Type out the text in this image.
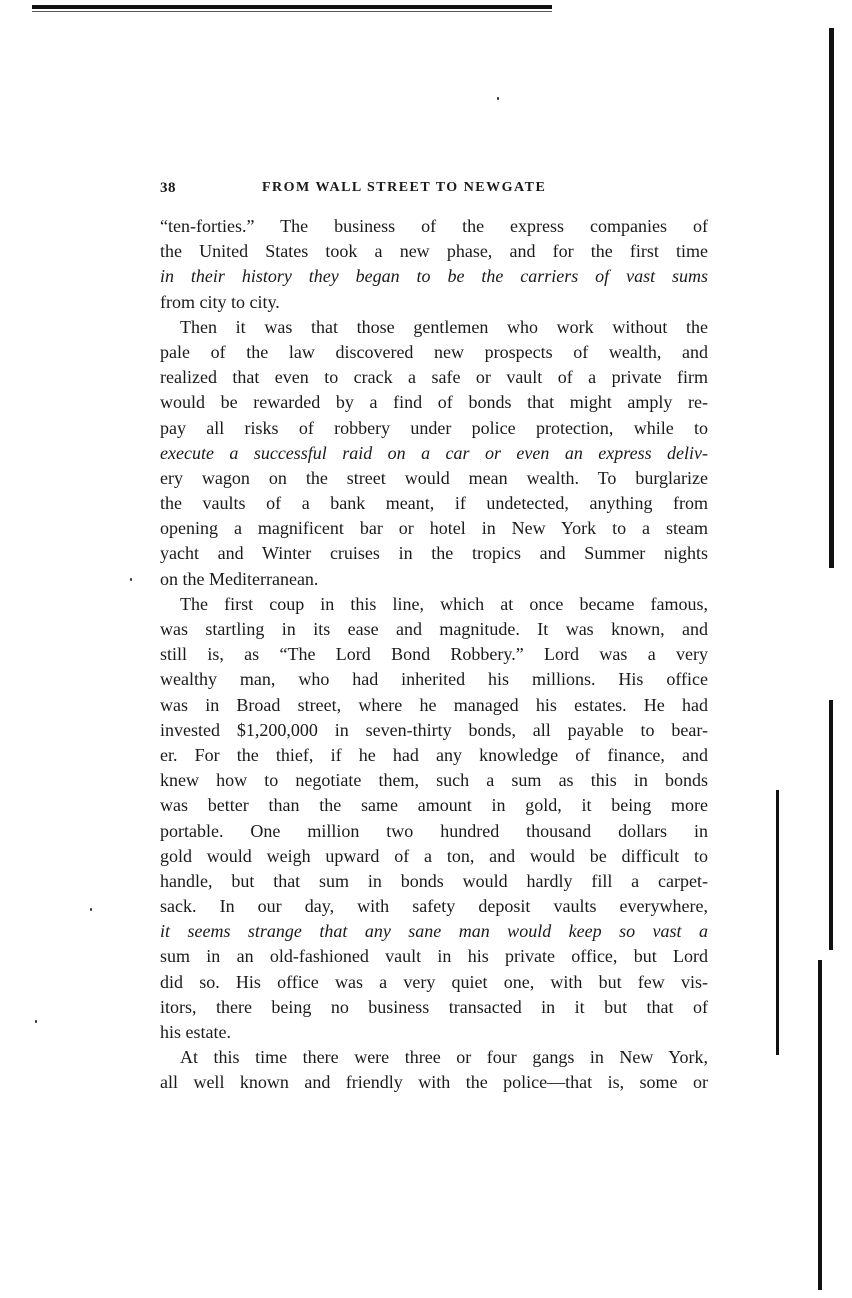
38	FROM WALL STREET TO NEWGATE
“ten-forties.” The business of the express companies of
the United States took a new phase, and for the first time
in their history they began to be the carriers of vast sums
from city to city.
Then it was that those gentlemen who work without the
pale of the law discovered new prospects of wealth, and
realized that even to crack a safe or vault of a private firm
would be rewarded by a find of bonds that might amply re-
pay all risks of robbery under police protection, while to
execute a successful raid on a car or even an express deliv-
ery wagon on the street would mean wealth. To burglarize
the vaults of a bank meant, if undetected, anything from
opening a magnificent bar or hotel in New York to a steam
yacht and Winter cruises in the tropics and Summer nights
on the Mediterranean.
The first coup in this line, which at once became famous,
was startling in its ease and magnitude. It was known, and
still is, as “The Lord Bond Robbery.” Lord was a very
wealthy man, who had inherited his millions. His office
was in Broad street, where he managed his estates. He had
invested $1,200,000 in seven-thirty bonds, all payable to bear-
er. For the thief, if he had any knowledge of finance, and
knew how to negotiate them, such a sum as this in bonds
was better than the same amount in gold, it being more
portable. One million two hundred thousand dollars in
gold would weigh upward of a ton, and would be difficult to
handle, but that sum in bonds would hardly fill a carpet-
sack. In our day, with safety deposit vaults everywhere,
it seems strange that any sane man would keep so vast a
sum in an old-fashioned vault in his private office, but Lord
did so. His office was a very quiet one, with but few vis-
itors, there being no business transacted in it but that of
his estate.
At this time there were three or four gangs in New York,
all well known and friendly with the police—that is, some or
